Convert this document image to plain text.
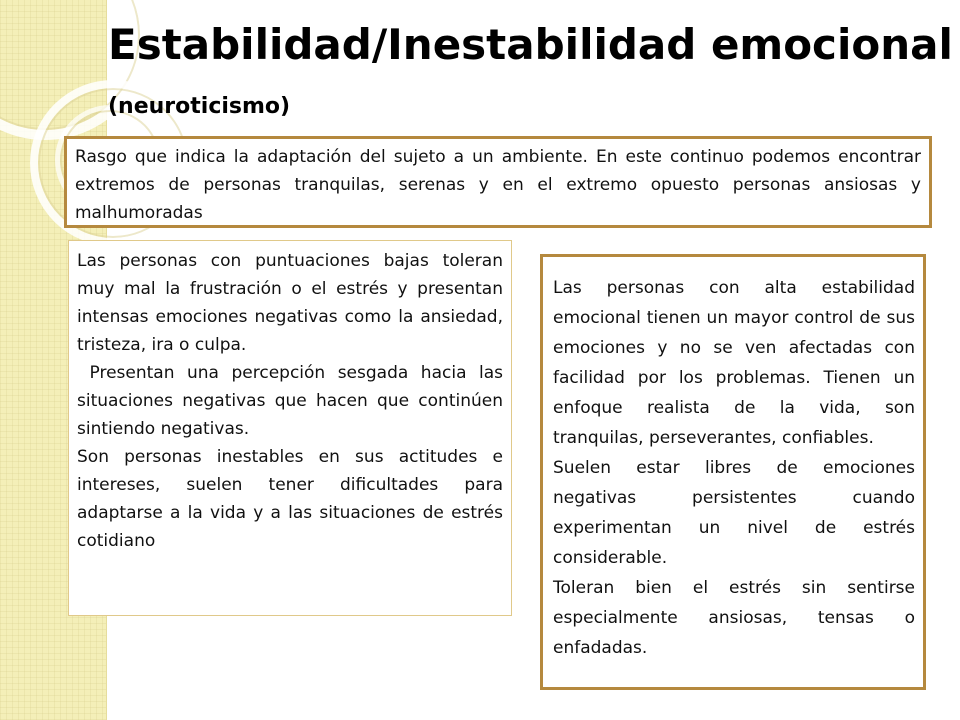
Estabilidad/Inestabilidad emocional (neuroticismo)

Rasgo que indica la adaptación del sujeto a un ambiente. En este continuo podemos encontrar extremos de personas tranquilas, serenas y en el extremo opuesto personas ansiosas y malhumoradas

Las personas con puntuaciones bajas toleran muy mal la frustración o el estrés y presentan intensas emociones negativas como la ansiedad, tristeza, ira o culpa.

Presentan una percepción sesgada hacia las situaciones negativas que hacen que continúen sintiendo negativas.

Son personas inestables en sus actitudes e intereses, suelen tener dificultades para adaptarse a la vida y a las situaciones de estrés cotidiano

Las personas con alta estabilidad emocional tienen un mayor control de sus emociones y no se ven afectadas con facilidad por los problemas. Tienen un enfoque realista de la vida, son tranquilas, perseverantes, confiables.

Suelen estar libres de emociones negativas persistentes cuando experimentan un nivel de estrés considerable.

Toleran bien el estrés sin sentirse especialmente ansiosas, tensas o enfadadas.
